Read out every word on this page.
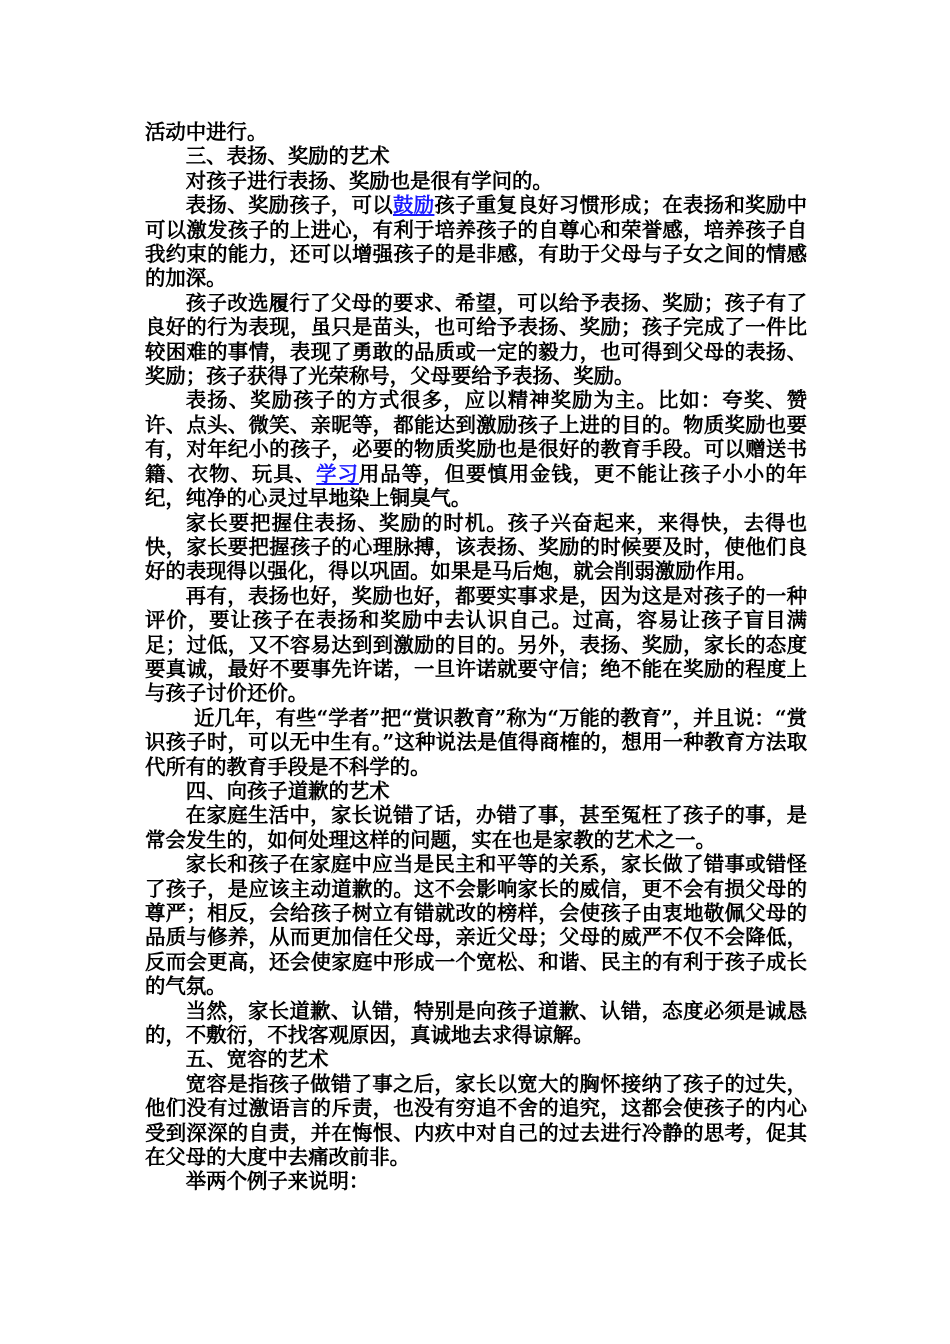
活动中进行。

三、表扬、奖励的艺术

对孩子进行表扬、奖励也是很有学问的。

表扬、奖励孩子，可以鼓励孩子重复良好习惯形成；在表扬和奖励中可以激发孩子的上进心，有利于培养孩子的自尊心和荣誉感，培养孩子自我约束的能力，还可以增强孩子的是非感，有助于父母与子女之间的情感的加深。

孩子改选履行了父母的要求、希望，可以给予表扬、奖励；孩子有了良好的行为表现，虽只是苗头，也可给予表扬、奖励；孩子完成了一件比较困难的事情，表现了勇敢的品质或一定的毅力，也可得到父母的表扬、奖励；孩子获得了光荣称号，父母要给予表扬、奖励。

表扬、奖励孩子的方式很多，应以精神奖励为主。比如：夸奖、赞许、点头、微笑、亲昵等，都能达到激励孩子上进的目的。物质奖励也要有，对年纪小的孩子，必要的物质奖励也是很好的教育手段。可以赠送书籍、衣物、玩具、学习用品等，但要慎用金钱，更不能让孩子小小的年纪，纯净的心灵过早地染上铜臭气。

家长要把握住表扬、奖励的时机。孩子兴奋起来，来得快，去得也快，家长要把握孩子的心理脉搏，该表扬、奖励的时候要及时，使他们良好的表现得以强化，得以巩固。如果是马后炮，就会削弱激励作用。

再有，表扬也好，奖励也好，都要实事求是，因为这是对孩子的一种评价，要让孩子在表扬和奖励中去认识自己。过高，容易让孩子盲目满足；过低，又不容易达到到激励的目的。另外，表扬、奖励，家长的态度要真诚，最好不要事先许诺，一旦许诺就要守信；绝不能在奖励的程度上与孩子讨价还价。

近几年，有些“学者”把“赏识教育”称为“万能的教育”，并且说：“赏识孩子时，可以无中生有。”这种说法是值得商榷的，想用一种教育方法取代所有的教育手段是不科学的。

四、向孩子道歉的艺术

在家庭生活中，家长说错了话，办错了事，甚至冤枉了孩子的事，是常会发生的，如何处理这样的问题，实在也是家教的艺术之一。

家长和孩子在家庭中应当是民主和平等的关系，家长做了错事或错怪了孩子，是应该主动道歉的。这不会影响家长的威信，更不会有损父母的尊严；相反，会给孩子树立有错就改的榜样，会使孩子由衷地敬佩父母的品质与修养，从而更加信任父母，亲近父母；父母的威严不仅不会降低，反而会更高，还会使家庭中形成一个宽松、和谐、民主的有利于孩子成长的气氛。

当然，家长道歉、认错，特别是向孩子道歉、认错，态度必须是诚恳的，不敷衍，不找客观原因，真诚地去求得谅解。

五、宽容的艺术

宽容是指孩子做错了事之后，家长以宽大的胸怀接纳了孩子的过失，他们没有过激语言的斥责，也没有穷追不舍的追究，这都会使孩子的内心受到深深的自责，并在悔恨、内疚中对自己的过去进行冷静的思考，促其在父母的大度中去痛改前非。

举两个例子来说明：
